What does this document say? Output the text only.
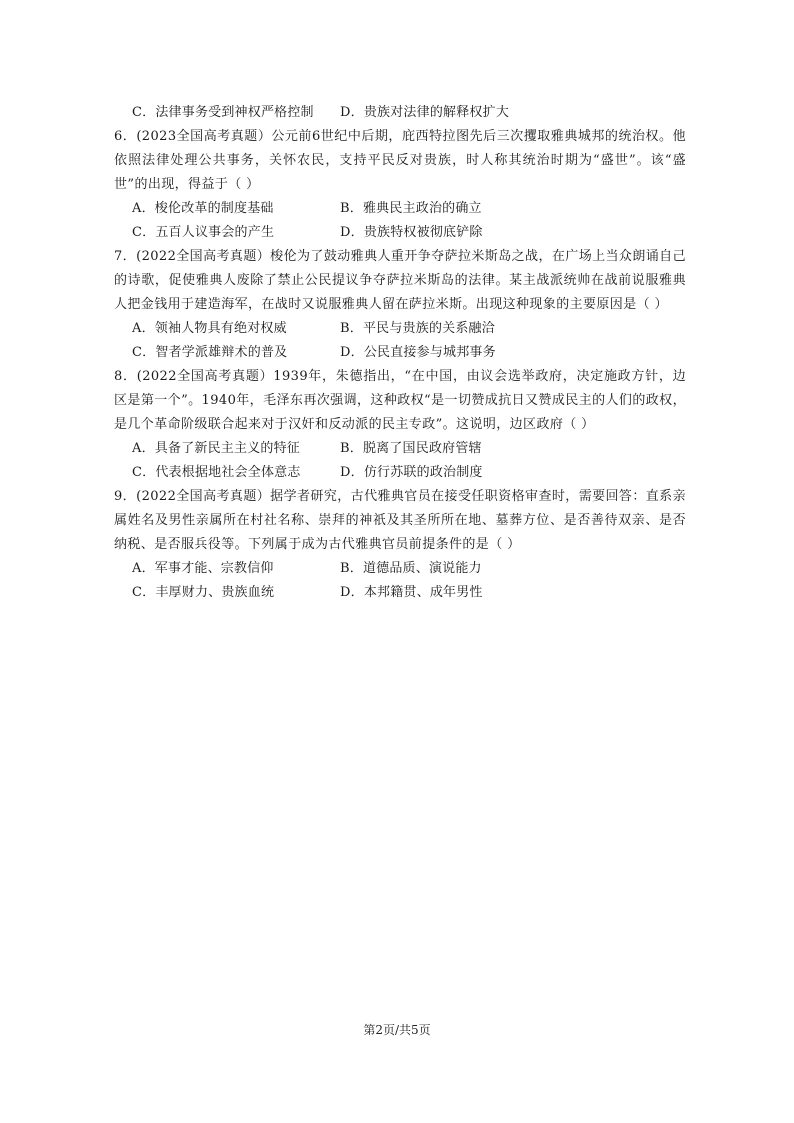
C．法律事务受到神权严格控制	D．贵族对法律的解释权扩大
6．(2023全国高考真题）公元前6世纪中后期，庇西特拉图先后三次攫取雅典城邦的统治权。他依照法律处理公共事务，关怀农民，支持平民反对贵族，时人称其统治时期为“盛世”。该“盛世”的出现，得益于（ ）
A．梭伦改革的制度基础	B．雅典民主政治的确立
C．五百人议事会的产生	D．贵族特权被彻底铲除
7．(2022全国高考真题）梭伦为了鼓动雅典人重开争夺萨拉米斯岛之战，在广场上当众朗诵自己的诗歌，促使雅典人废除了禁止公民提议争夺萨拉米斯岛的法律。某主战派统帅在战前说服雅典人把金钱用于建造海军，在战时又说服雅典人留在萨拉米斯。出现这种现象的主要原因是（ ）
A．领袖人物具有绝对权威	B．平民与贵族的关系融洽
C．智者学派雄辩术的普及	D．公民直接参与城邦事务
8．(2022全国高考真题）1939年，朱德指出，“在中国，由议会选举政府，决定施政方针，边区是第一个”。1940年，毛泽东再次强调，这种政权“是一切赞成抗日又赞成民主的人们的政权，是几个革命阶级联合起来对于汉奸和反动派的民主专政”。这说明，边区政府（ ）
A．具备了新民主主义的特征	B．脱离了国民政府管辖
C．代表根据地社会全体意志	D．仿行苏联的政治制度
9．(2022全国高考真题）据学者研究，古代雅典官员在接受任职资格审查时，需要回答：直系亲属姓名及男性亲属所在村社名称、崇拜的神祇及其圣所所在地、墓葬方位、是否善待双亲、是否纳税、是否服兵役等。下列属于成为古代雅典官员前提条件的是（ ）
A．军事才能、宗教信仰	B．道德品质、演说能力
C．丰厚财力、贵族血统	D．本邦籍贯、成年男性
第2页/共5页
